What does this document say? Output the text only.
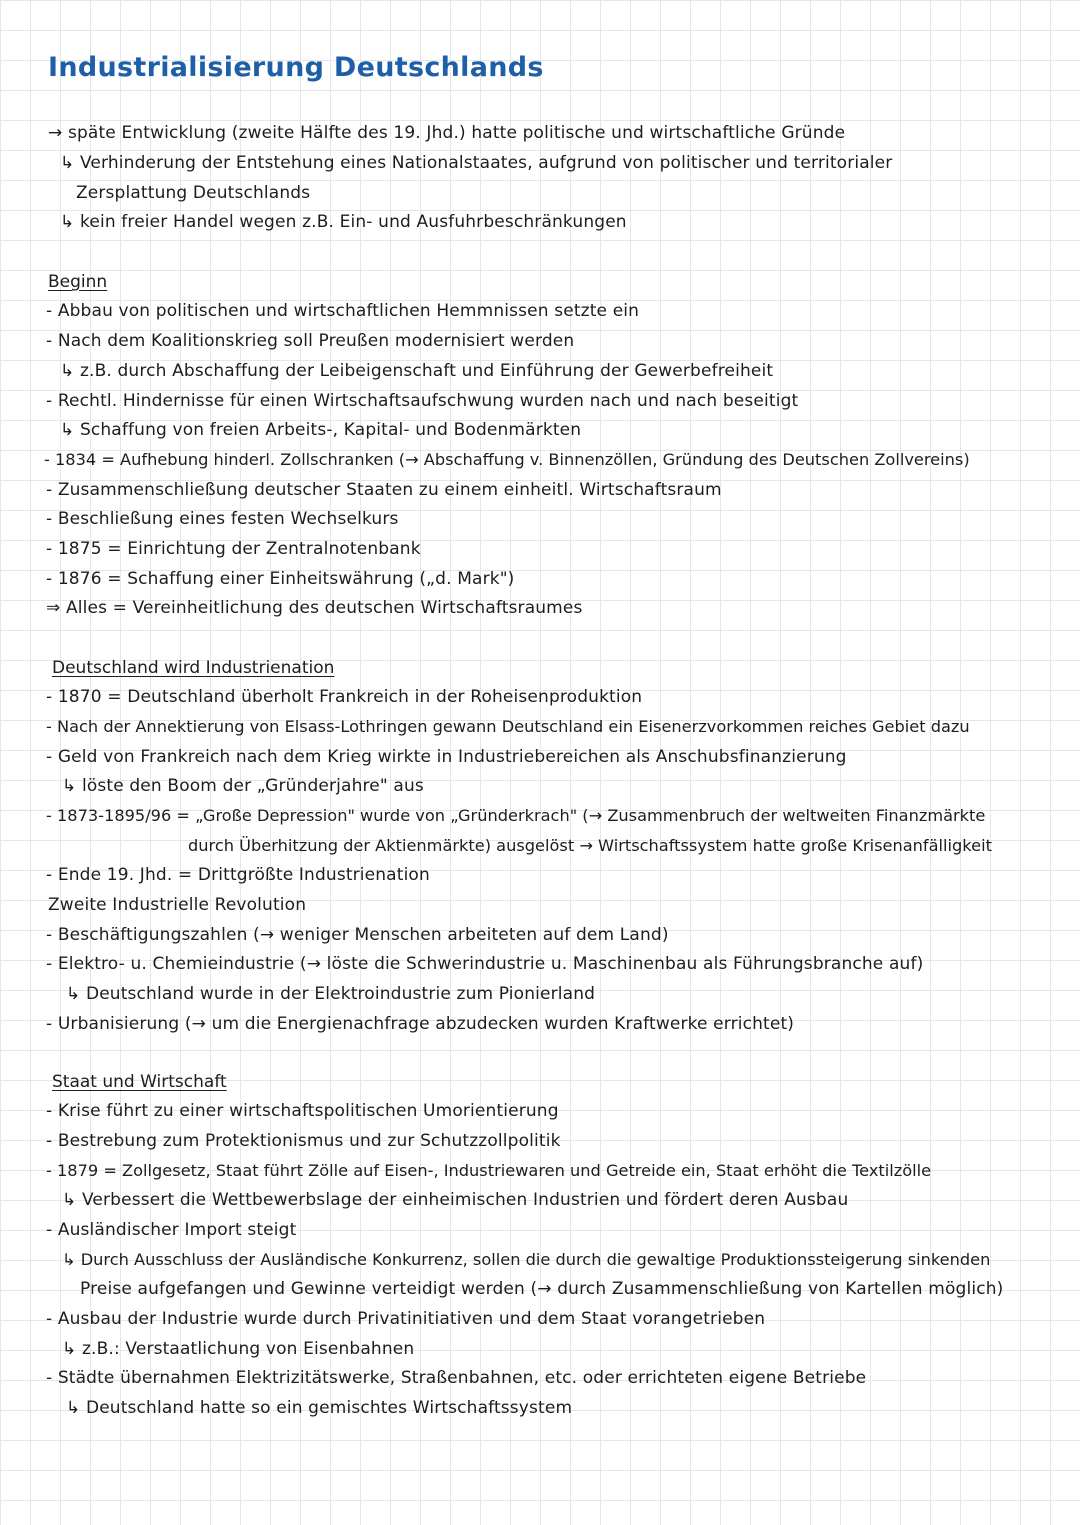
Industrialisierung Deutschlands
→ späte Entwicklung (zweite Hälfte des 19. Jhd.) hatte politische und wirtschaftliche Gründe
↳ Verhinderung der Entstehung eines Nationalstaates, aufgrund von politischer und territorialer
Zersplattung Deutschlands
↳ kein freier Handel wegen z.B. Ein- und Ausfuhrbeschränkungen
Beginn
- Abbau von politischen und wirtschaftlichen Hemmnissen setzte ein
- Nach dem Koalitionskrieg soll Preußen modernisiert werden
↳ z.B. durch Abschaffung der Leibeigenschaft und Einführung der Gewerbefreiheit
- Rechtl. Hindernisse für einen Wirtschaftsaufschwung wurden nach und nach beseitigt
↳ Schaffung von freien Arbeits-, Kapital- und Bodenmärkten
- 1834 = Aufhebung hinderl. Zollschranken (→ Abschaffung v. Binnenzöllen, Gründung des Deutschen Zollvereins)
- Zusammenschließung deutscher Staaten zu einem einheitl. Wirtschaftsraum
- Beschließung eines festen Wechselkurs
- 1875 = Einrichtung der Zentralnotenbank
- 1876 = Schaffung einer Einheitswährung („d. Mark")
⇒ Alles = Vereinheitlichung des deutschen Wirtschaftsraumes
Deutschland wird Industrienation
- 1870 = Deutschland überholt Frankreich in der Roheisenproduktion
- Nach der Annektierung von Elsass-Lothringen gewann Deutschland ein Eisenerzvorkommen reiches Gebiet dazu
- Geld von Frankreich nach dem Krieg wirkte in Industriebereichen als Anschubsfinanzierung
↳ löste den Boom der „Gründerjahre" aus
- 1873-1895/96 = „Große Depression" wurde von „Gründerkrach" (→ Zusammenbruch der weltweiten Finanzmärkte
durch Überhitzung der Aktienmärkte) ausgelöst → Wirtschaftssystem hatte große Krisenanfälligkeit
- Ende 19. Jhd. = Drittgrößte Industrienation
Zweite Industrielle Revolution
- Beschäftigungszahlen (→ weniger Menschen arbeiteten auf dem Land)
- Elektro- u. Chemieindustrie (→ löste die Schwerindustrie u. Maschinenbau als Führungsbranche auf)
↳ Deutschland wurde in der Elektroindustrie zum Pionierland
- Urbanisierung (→ um die Energienachfrage abzudecken wurden Kraftwerke errichtet)
Staat und Wirtschaft
- Krise führt zu einer wirtschaftspolitischen Umorientierung
- Bestrebung zum Protektionismus und zur Schutzzollpolitik
- 1879 = Zollgesetz, Staat führt Zölle auf Eisen-, Industriewaren und Getreide ein, Staat erhöht die Textilzölle
↳ Verbessert die Wettbewerbslage der einheimischen Industrien und fördert deren Ausbau
- Ausländischer Import steigt
↳ Durch Ausschluss der Ausländische Konkurrenz, sollen die durch die gewaltige Produktionssteigerung sinkenden
Preise aufgefangen und Gewinne verteidigt werden (→ durch Zusammenschließung von Kartellen möglich)
- Ausbau der Industrie wurde durch Privatinitiativen und dem Staat vorangetrieben
↳ z.B.: Verstaatlichung von Eisenbahnen
- Städte übernahmen Elektrizitätswerke, Straßenbahnen, etc. oder errichteten eigene Betriebe
↳ Deutschland hatte so ein gemischtes Wirtschaftssystem
